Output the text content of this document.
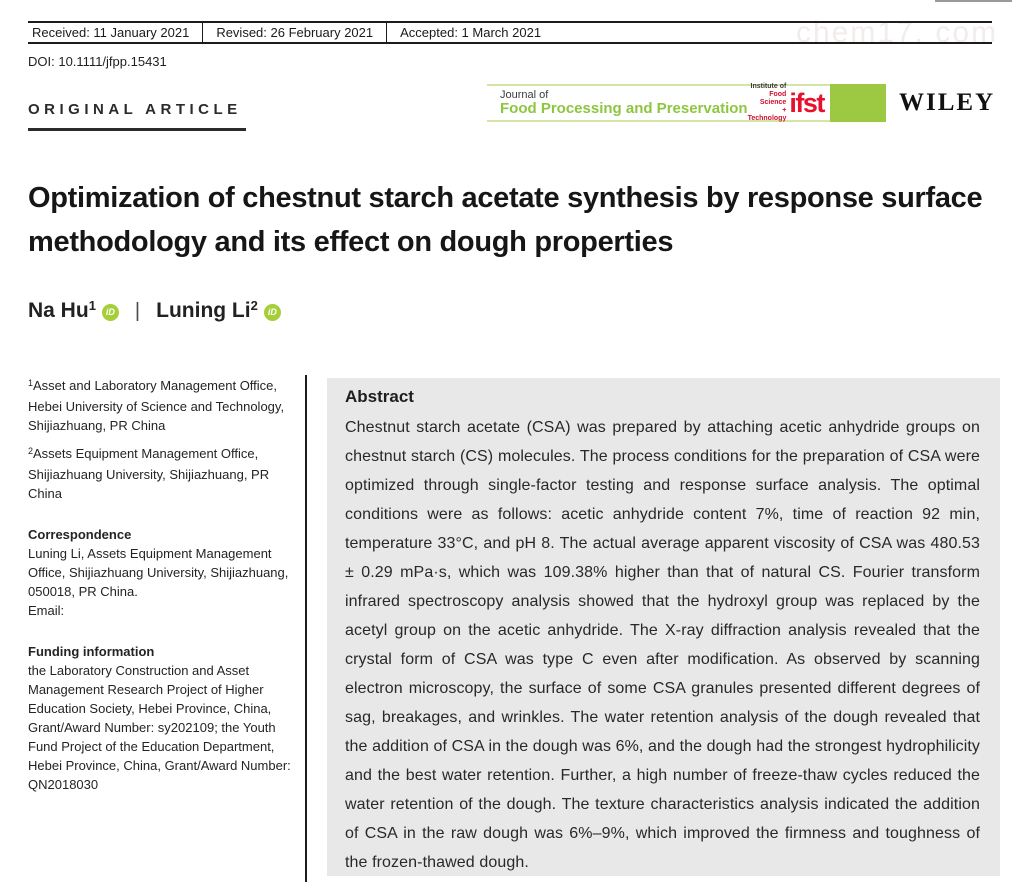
chem17. com
Received: 11 January 2021	Revised: 26 February 2021	Accepted: 1 March 2021
DOI: 10.1111/jfpp.15431
ORIGINAL ARTICLE
Journal of
Food Processing and Preservation
Institute of
Food Science
+ Technology
ifst	WILEY
Optimization of chestnut starch acetate synthesis by response surface methodology and its effect on dough properties
Na Hu 1	iD | Luning Li 2	iD

$^1$Asset and Laboratory Management Office, Hebei University of Science and Technology, Shijiazhuang, PR China

$^2$Assets Equipment Management Office, Shijiazhuang University, Shijiazhuang, PR China

Correspondence
Luning Li, Assets Equipment Management Office, Shijiazhuang University, Shijiazhuang, 050018, PR China.
Email:
Funding information
the Laboratory Construction and Asset Management Research Project of Higher Education Society, Hebei Province, China, Grant/Award Number: sy202109; the Youth Fund Project of the Education Department, Hebei Province, China, Grant/Award Number: QN2018030
Abstract

Chestnut starch acetate (CSA) was prepared by attaching acetic anhydride groups on chestnut starch (CS) molecules. The process conditions for the preparation of CSA were optimized through single-factor testing and response surface analysis. The optimal conditions were as follows: acetic anhydride content 7%, time of reaction 92 min, temperature 33°C, and pH 8. The actual average apparent viscosity of CSA was 480.53 ± 0.29 mPa·s, which was 109.38% higher than that of natural CS. Fourier transform infrared spectroscopy analysis showed that the hydroxyl group was replaced by the acetyl group on the acetic anhydride. The X-ray diffraction analysis revealed that the crystal form of CSA was type C even after modification. As observed by scanning electron microscopy, the surface of some CSA granules presented different degrees of sag, breakages, and wrinkles. The water retention analysis of the dough revealed that the addition of CSA in the dough was 6%, and the dough had the strongest hydrophilicity and the best water retention. Further, a high number of freeze-thaw cycles reduced the water retention of the dough. The texture characteristics analysis indicated the addition of CSA in the raw dough was 6%–9%, which improved the firmness and toughness of the frozen-thawed dough.
